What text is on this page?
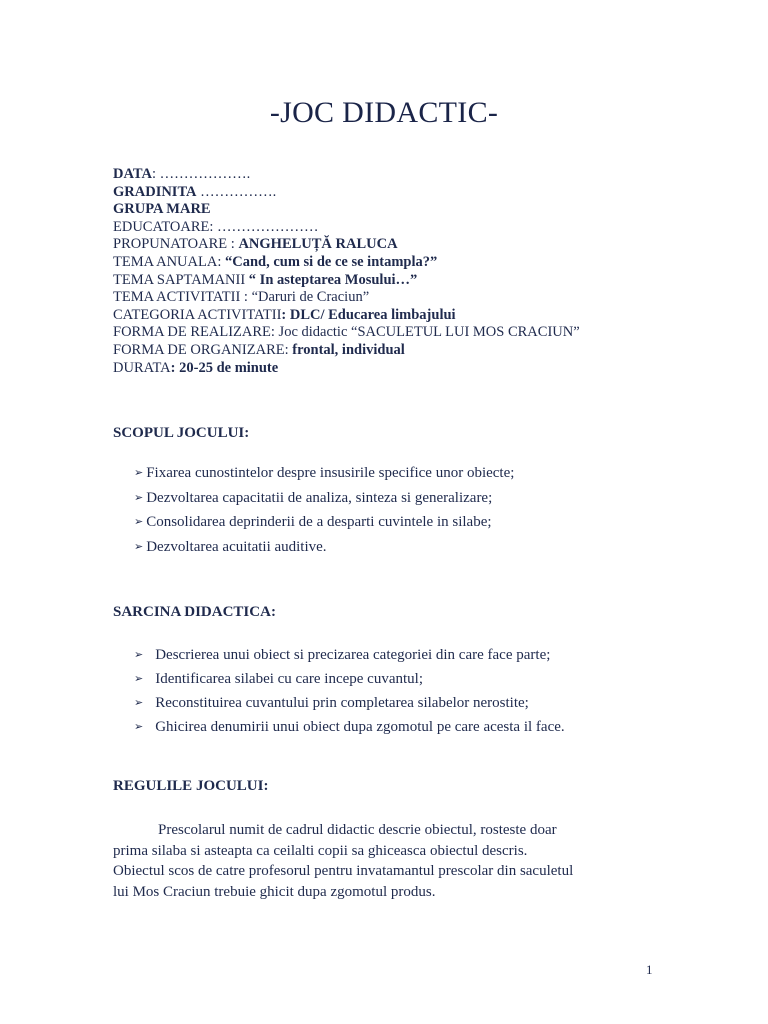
-JOC DIDACTIC-
DATA: ……………….
GRADINITA …………….
GRUPA MARE
EDUCATOARE: …………………
PROPUNATOARE : ANGHELUȚĂ RALUCA
TEMA ANUALA: “Cand, cum si de ce se intampla?”
TEMA SAPTAMANII “ In asteptarea Mosului…”
TEMA ACTIVITATII : “Daruri de Craciun”
CATEGORIA ACTIVITATII: DLC/ Educarea limbajului
FORMA DE REALIZARE: Joc didactic “SACULETUL LUI MOS CRACIUN”
FORMA DE ORGANIZARE: frontal, individual
DURATA: 20-25 de minute
SCOPUL JOCULUI:
➢ Fixarea cunostintelor despre insusirile specifice unor obiecte;
➢ Dezvoltarea capacitatii de analiza, sinteza si generalizare;
➢ Consolidarea deprinderii de a desparti cuvintele in silabe;
➢ Dezvoltarea acuitatii auditive.
SARCINA DIDACTICA:
➢ Descrierea unui obiect si precizarea categoriei din care face parte;
➢ Identificarea silabei cu care incepe cuvantul;
➢ Reconstituirea cuvantului prin completarea silabelor nerostite;
➢ Ghicirea denumirii unui obiect dupa zgomotul pe care acesta il face.
REGULILE JOCULUI:
Prescolarul numit de cadrul didactic descrie obiectul, rosteste doar
prima silaba si asteapta ca ceilalti copii sa ghiceasca obiectul descris.
Obiectul scos de catre profesorul pentru invatamantul prescolar din saculetul
lui Mos Craciun trebuie ghicit dupa zgomotul produs.
1
